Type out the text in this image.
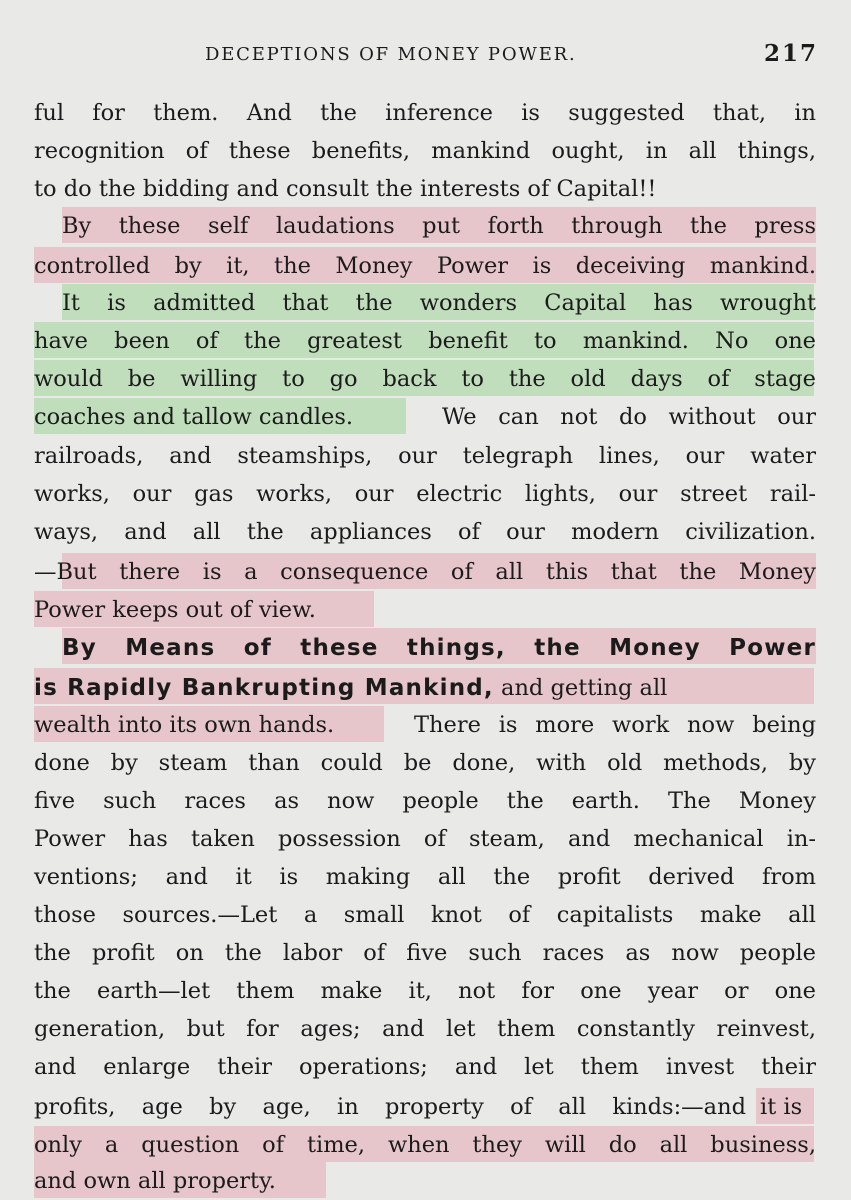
DECEPTIONS OF MONEY POWER.	217
ful for them. And the inference is suggested that, in
recognition of these benefits, mankind ought, in all things,
to do the bidding and consult the interests of Capital!!
By these self laudations put forth through the press
controlled by it, the Money Power is deceiving mankind.
It is admitted that the wonders Capital has wrought
have been of the greatest benefit to mankind. No one
would be willing to go back to the old days of stage
coaches and tallow candles.	We can not do without our
railroads, and steamships, our telegraph lines, our water
works, our gas works, our electric lights, our street rail-
ways, and all the appliances of our modern civilization.
—But there is a consequence of all this that the Money
Power keeps out of view.
By Means of these things, the Money Power
is Rapidly Bankrupting Mankind, and getting all
wealth into its own hands.	There is more work now being
done by steam than could be done, with old methods, by
five such races as now people the earth. The Money
Power has taken possession of steam, and mechanical in-
ventions; and it is making all the profit derived from
those sources.—Let a small knot of capitalists make all
the profit on the labor of five such races as now people
the earth—let them make it, not for one year or one
generation, but for ages; and let them constantly reinvest,
and enlarge their operations; and let them invest their
profits, age by age, in property of all kinds:—and it is
only a question of time, when they will do all business,
and own all property.
